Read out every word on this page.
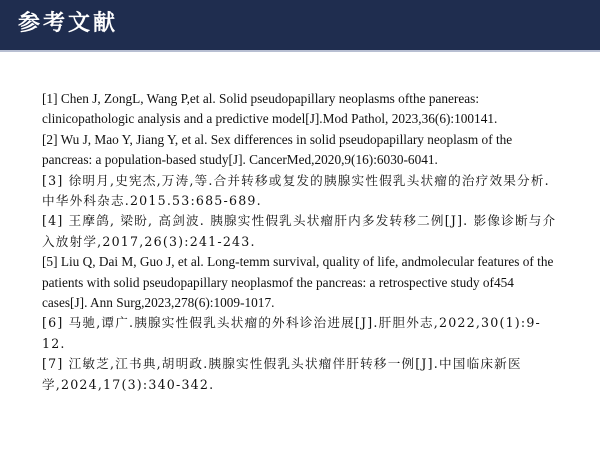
参考文献
[1] Chen J, ZongL, Wang P,et al. Solid pseudopapillary neoplasms ofthe panereas: clinicopathologic analysis and a predictive model[J].Mod Pathol, 2023,36(6):100141.
[2] Wu J, Mao Y, Jiang Y, et al. Sex differences in solid pseudopapillary neoplasm of the pancreas: a population-based study[J]. CancerMed,2020,9(16):6030-6041.
[3] 徐明月,史宪杰,万涛,等.合并转移或复发的胰腺实性假乳头状瘤的治疗效果分析.中华外科杂志.2015.53:685-689.
[4] 王摩鸽, 梁盼, 高剑波. 胰腺实性假乳头状瘤肝内多发转移二例[J]. 影像诊断与介入放射学,2017,26(3):241-243.
[5] Liu Q, Dai M, Guo J, et al. Long-temm survival, quality of life, andmolecular features of the patients with solid pseudopapillary neoplasmof the pancreas: a retrospective study of454 cases[J]. Ann Surg,2023,278(6):1009-1017.
[6] 马驰,谭广.胰腺实性假乳头状瘤的外科诊治进展[J].肝胆外志,2022,30(1):9-12.
[7] 江敏芝,江书典,胡明政.胰腺实性假乳头状瘤伴肝转移一例[J].中国临床新医学,2024,17(3):340-342.
